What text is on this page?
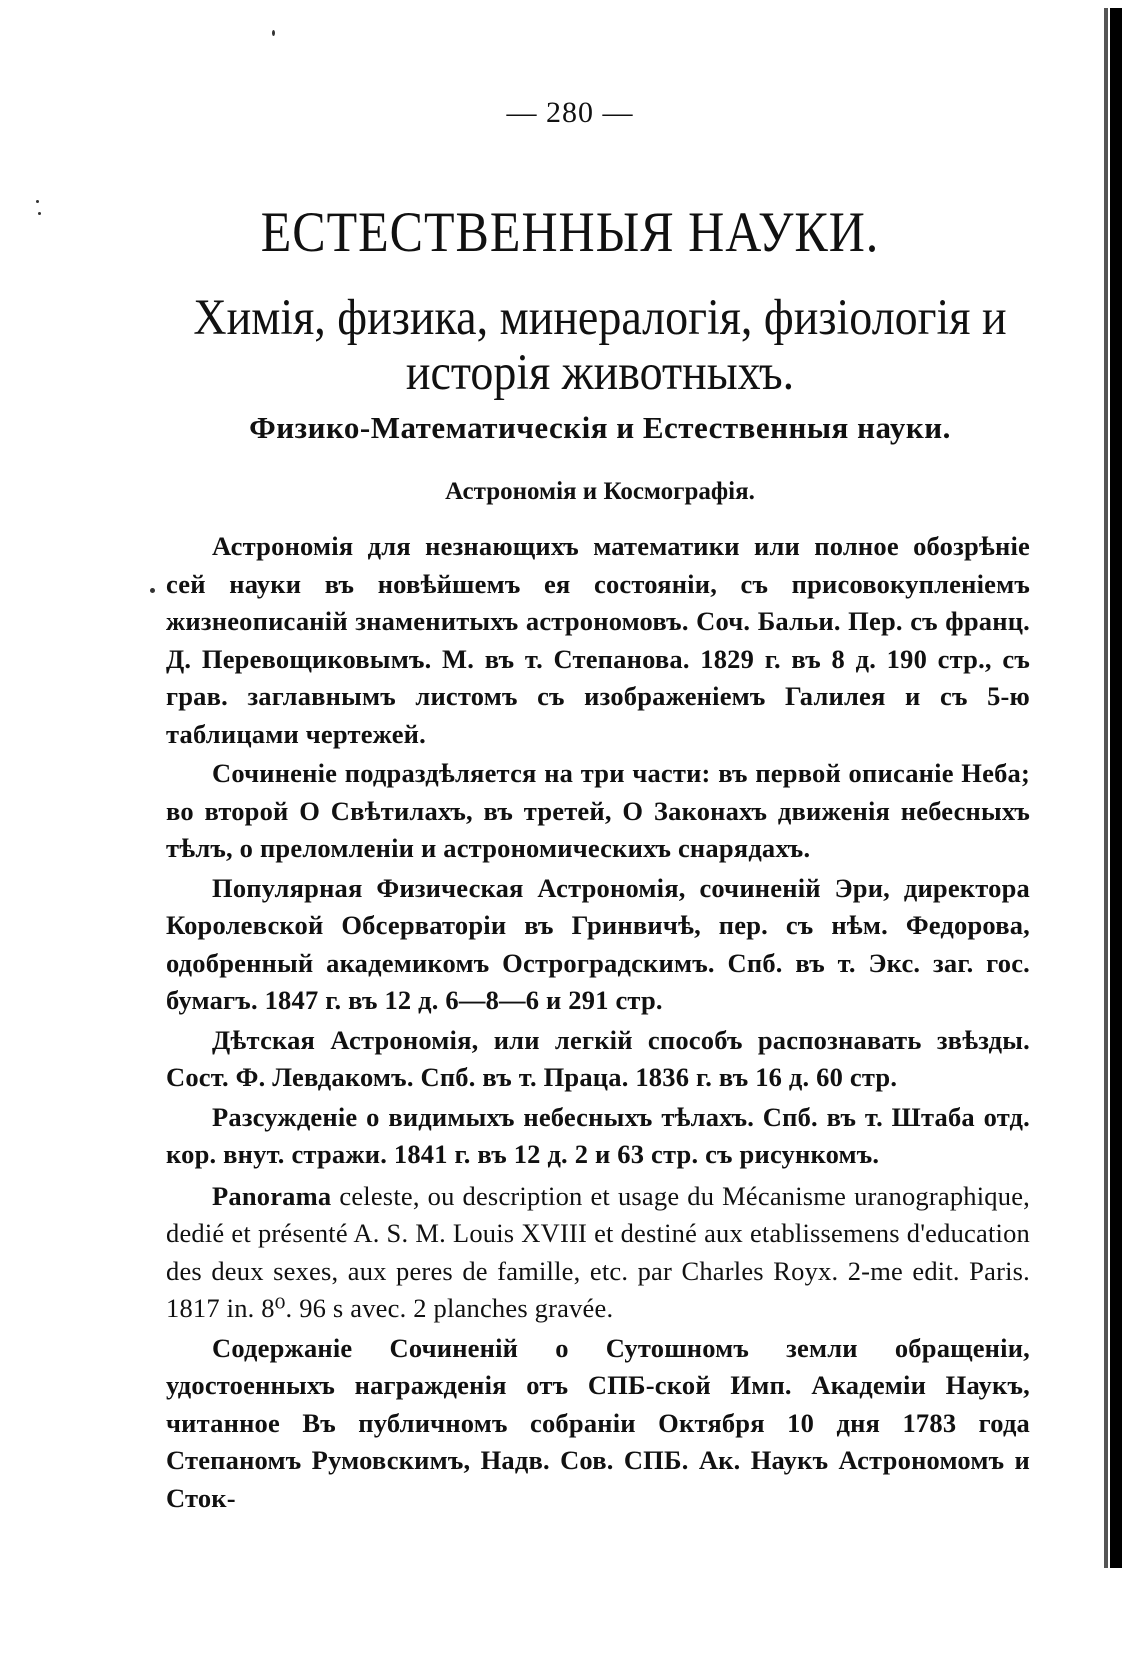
— 280 —
ЕСТЕСТВЕННЫЯ НАУКИ.
Химія, физика, минералогія, физіологія и исторія животныхъ.
Физико-Математическія и Естественныя науки.
Астрономія и Космографія.

Астрономія для незнающихъ математики или полное обозрѣніе сей науки въ новѣйшемъ ея состояніи, съ присовокупленіемъ жизнеописаній знаменитыхъ астрономовъ. Соч. Бальи. Пер. съ франц. Д. Перевощиковымъ. М. въ т. Степанова. 1829 г. въ 8 д. 190 стр., съ грав. заглавнымъ листомъ съ изображеніемъ Галилея и съ 5-ю таблицами чертежей.

Сочиненіе подраздѣляется на три части: въ первой описаніе Неба; во второй О Свѣтилахъ, въ третей, О Законахъ движенія небесныхъ тѣлъ, о преломленіи и астрономическихъ снарядахъ.

Популярная Физическая Астрономія, сочиненій Эри, директора Королевской Обсерваторіи въ Гринвичѣ, пер. съ нѣм. Федорова, одобренный академикомъ Остроградскимъ. Спб. въ т. Экс. заг. гос. бумагъ. 1847 г. въ 12 д. 6—8—6 и 291 стр.

Дѣтская Астрономія, или легкій способъ распознавать звѣзды. Сост. Ф. Левдакомъ. Спб. въ т. Праца. 1836 г. въ 16 д. 60 стр.

Разсужденіе о видимыхъ небесныхъ тѣлахъ. Спб. въ т. Штаба отд. кор. внут. стражи. 1841 г. въ 12 д. 2 и 63 стр. съ рисункомъ.

Panorama celeste, ou description et usage du Mécanisme uranographique, dedié et présenté A. S. M. Louis XVIII et destiné aux etablissemens d'education des deux sexes, aux peres de famille, etc. par Charles Royx. 2-me edit. Paris. 1817 in. 8⁰. 96 s avec. 2 planches gravée.

Содержаніе Сочиненій о Сутошномъ земли обращеніи, удостоенныхъ награжденія отъ СПБ-ской Имп. Академіи Наукъ, читанное Въ публичномъ собраніи Октября 10 дня 1783 года Степаномъ Румовскимъ, Надв. Сов. СПБ. Ак. Наукъ Астрономомъ и Сток-
